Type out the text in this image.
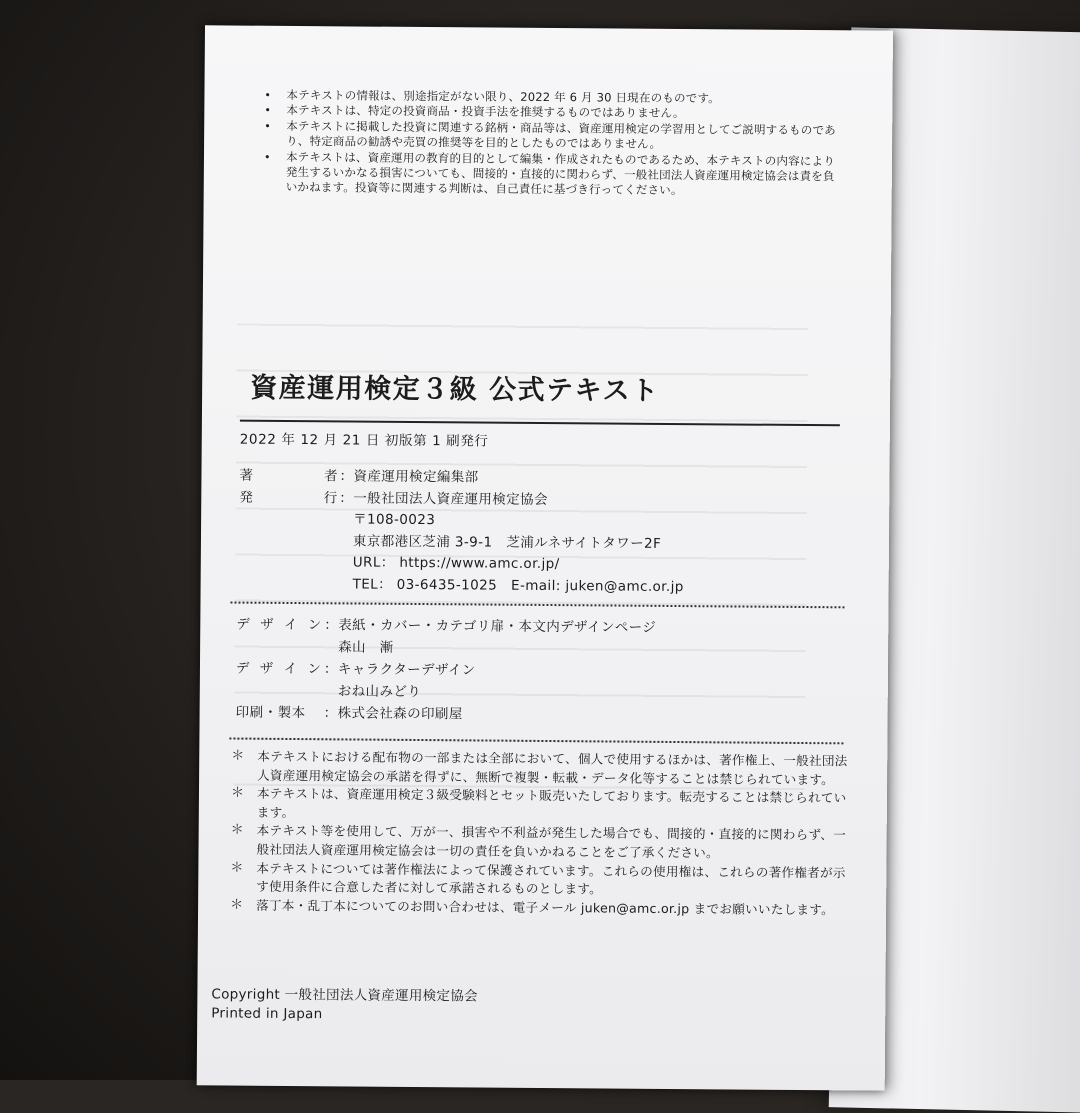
• 本テキストの情報は、別途指定がない限り、2022 年 6 月 30 日現在のものです。
• 本テキストは、特定の投資商品・投資手法を推奨するものではありません。
• 本テキストに掲載した投資に関連する銘柄・商品等は、資産運用検定の学習用としてご説明するものであり、特定商品の勧誘や売買の推奨等を目的としたものではありません。
• 本テキストは、資産運用の教育的目的として編集・作成されたものであるため、本テキストの内容により発生するいかなる損害についても、間接的・直接的に関わらず、一般社団法人資産運用検定協会は責を負いかねます。投資等に関連する判断は、自己責任に基づき行ってください。
資産運用検定３級 公式テキスト
2022 年 12 月 21 日 初版第 1 刷発行
著	者 ： 資産運用検定編集部
発	行 ： 一般社団法人資産運用検定協会
〒108-0023
東京都港区芝浦 3-9-1　芝浦ルネサイトタワー2F
URL： https://www.amc.or.jp/
TEL： 03-6435-1025　E-mail: juken@amc.or.jp
デ ザ イ ン ： 表紙・カバー・カテゴリ扉・本文内デザインページ
森山　漸
デ ザ イ ン ： キャラクターデザイン
おね山みどり
印刷・製本	： 株式会社森の印刷屋
＊ 本テキストにおける配布物の一部または全部において、個人で使用するほかは、著作権上、一般社団法人資産運用検定協会の承諾を得ずに、無断で複製・転載・データ化等することは禁じられています。
＊ 本テキストは、資産運用検定３級受験料とセット販売いたしております。転売することは禁じられています。
＊ 本テキスト等を使用して、万が一、損害や不利益が発生した場合でも、間接的・直接的に関わらず、一般社団法人資産運用検定協会は一切の責任を負いかねることをご了承ください。
＊ 本テキストについては著作権法によって保護されています。これらの使用権は、これらの著作権者が示す使用条件に合意した者に対して承諾されるものとします。
＊ 落丁本・乱丁本についてのお問い合わせは、電子メール juken@amc.or.jp までお願いいたします。
Copyright 一般社団法人資産運用検定協会
Printed in Japan
